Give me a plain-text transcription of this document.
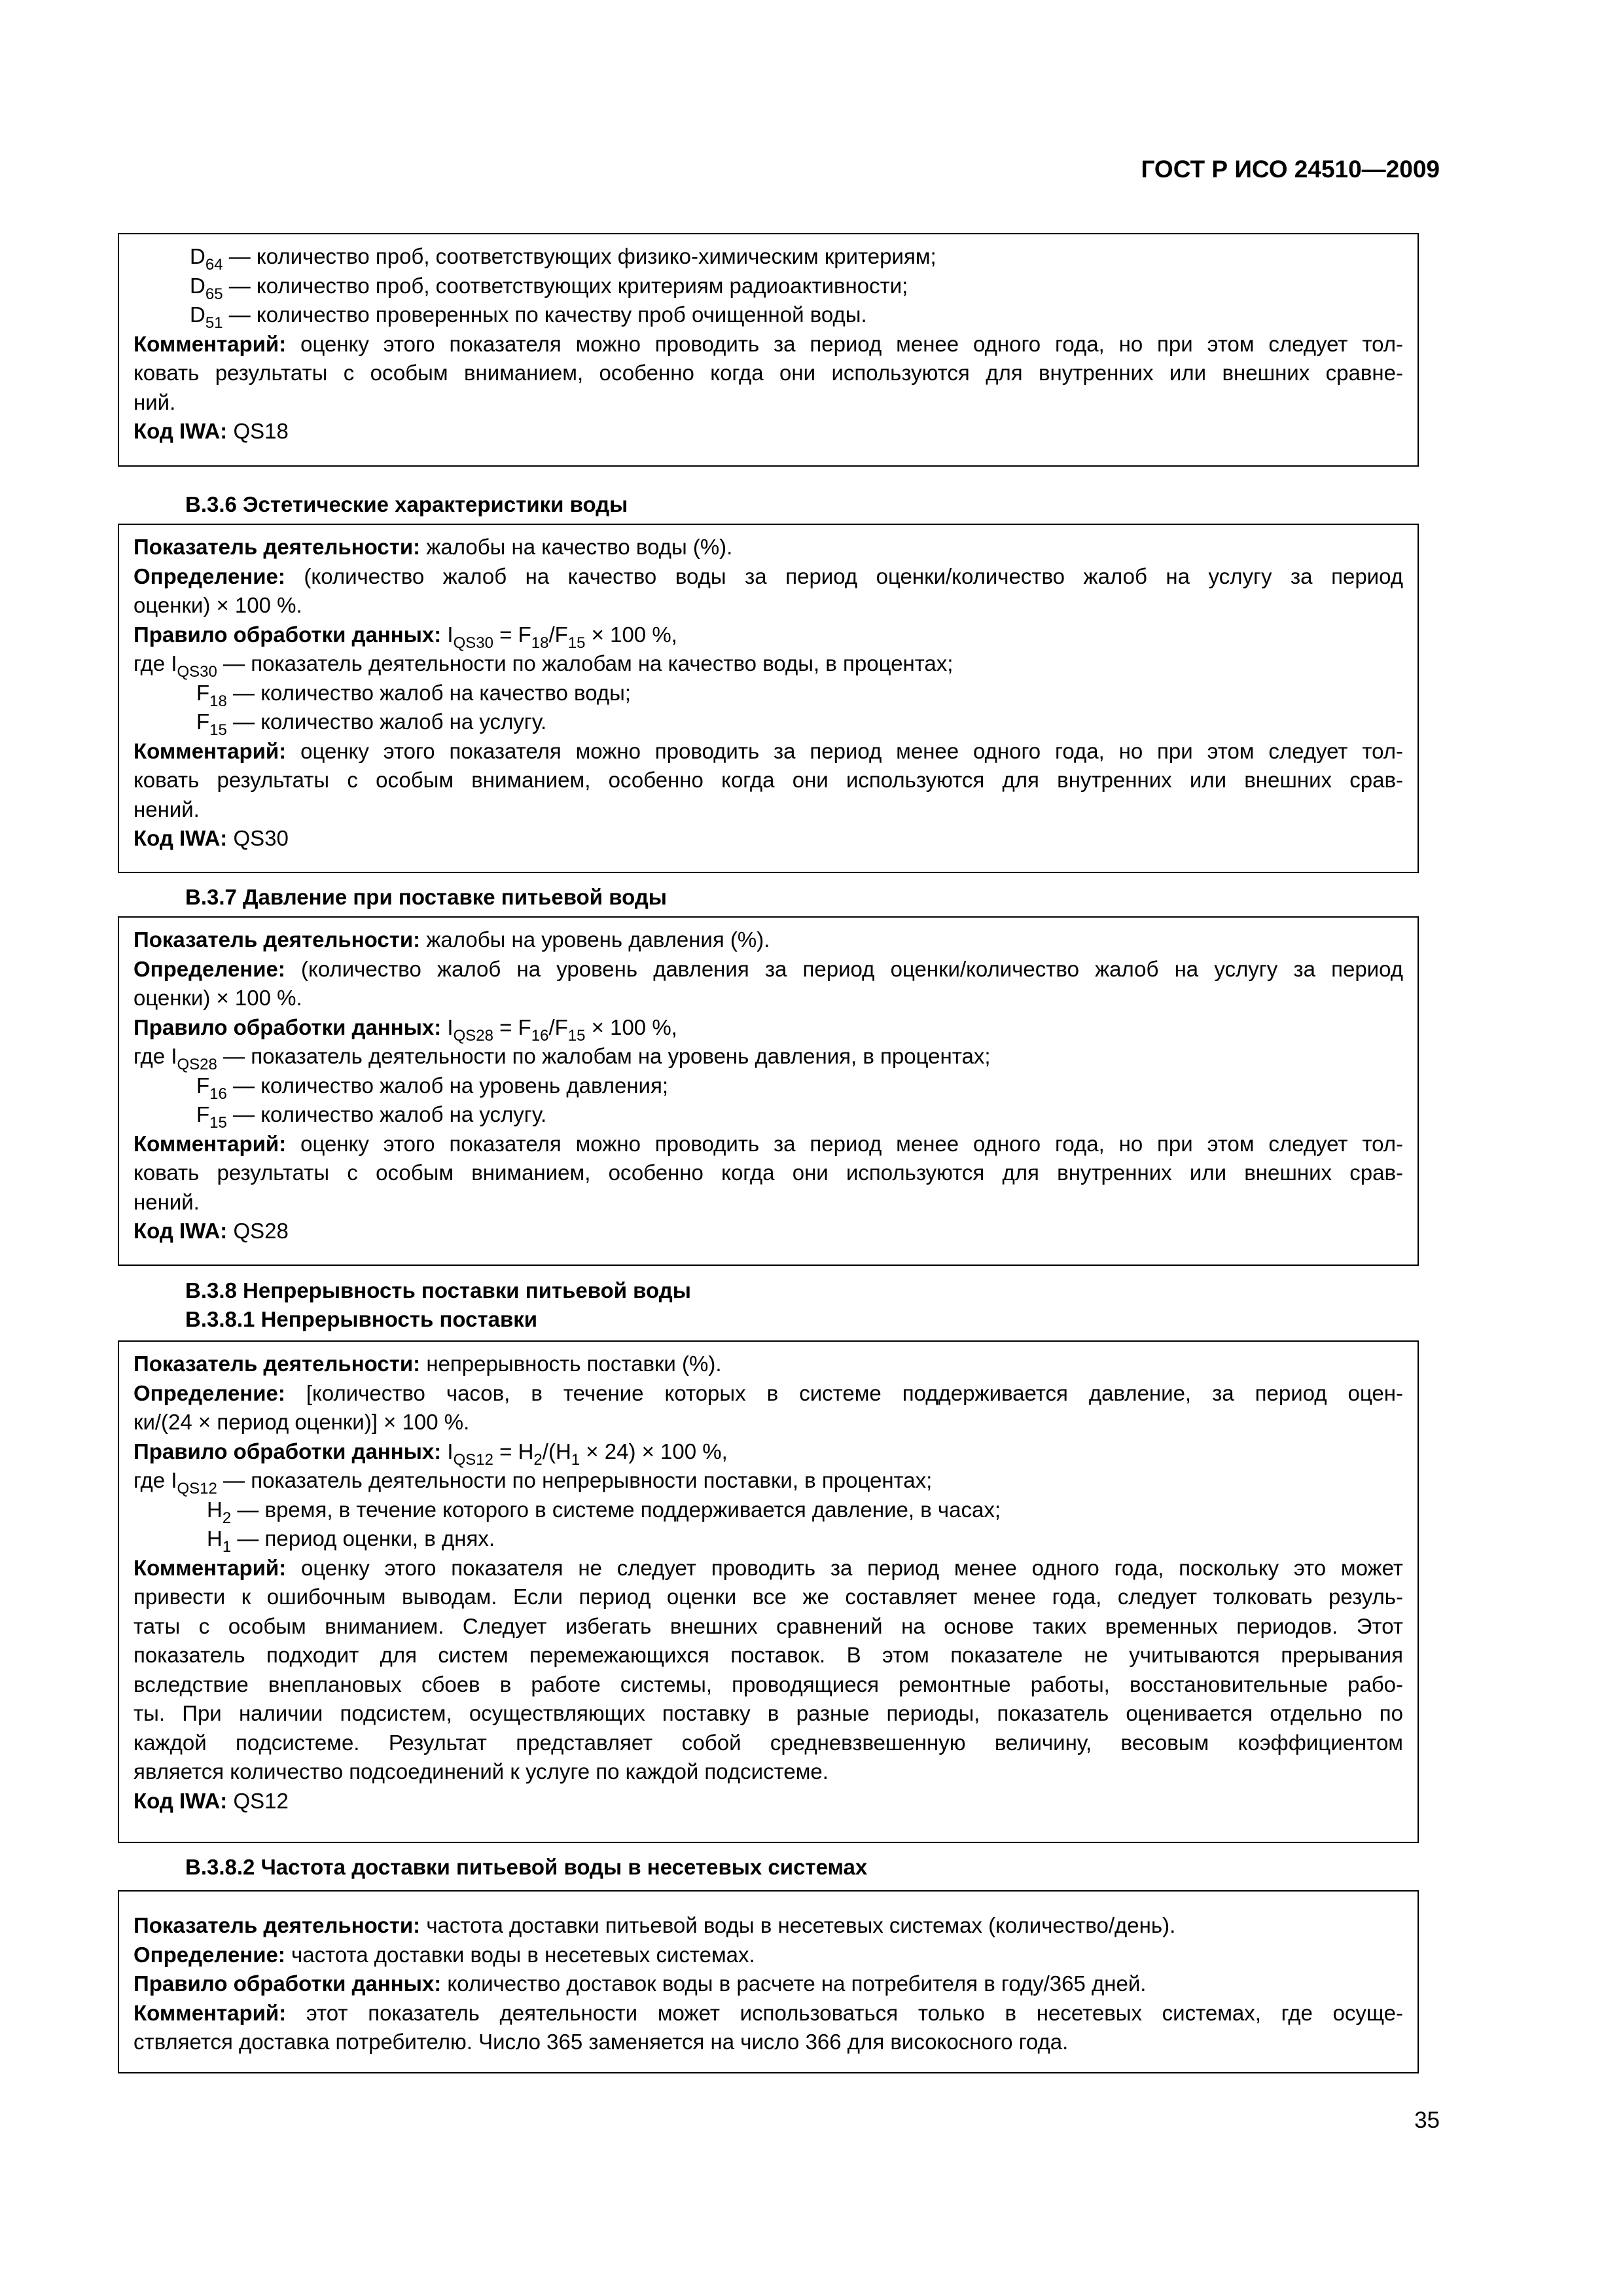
ГОСТ Р ИСО 24510—2009
$D_{64}$ — количество проб, соответствующих физико-химическим критериям;
$D_{65}$ — количество проб, соответствующих критериям радиоактивности;
$D_{51}$ — количество проверенных по качеству проб очищенной воды.
Комментарий: оценку этого показателя можно проводить за период менее одного года, но при этом следует тол-
ковать результаты с особым вниманием, особенно когда они используются для внутренних или внешних сравне-
ний.
Код IWA: QS18
B.3.6 Эстетические характеристики воды
Показатель деятельности: жалобы на качество воды (%).
Определение: (количество жалоб на качество воды за период оценки/количество жалоб на услугу за период
оценки) × 100 %.
Правило обработки данных: $I_{QS30} = F_{18}/F_{15} \times 100$ %,
где $I_{QS30}$ — показатель деятельности по жалобам на качество воды, в процентах;
$F_{18}$ — количество жалоб на качество воды;
$F_{15}$ — количество жалоб на услугу.
Комментарий: оценку этого показателя можно проводить за период менее одного года, но при этом следует тол-
ковать результаты с особым вниманием, особенно когда они используются для внутренних или внешних срав-
нений.
Код IWA: QS30
B.3.7 Давление при поставке питьевой воды
Показатель деятельности: жалобы на уровень давления (%).
Определение: (количество жалоб на уровень давления за период оценки/количество жалоб на услугу за период
оценки) × 100 %.
Правило обработки данных: $I_{QS28} = F_{16}/F_{15} \times 100$ %,
где $I_{QS28}$ — показатель деятельности по жалобам на уровень давления, в процентах;
$F_{16}$ — количество жалоб на уровень давления;
$F_{15}$ — количество жалоб на услугу.
Комментарий: оценку этого показателя можно проводить за период менее одного года, но при этом следует тол-
ковать результаты с особым вниманием, особенно когда они используются для внутренних или внешних срав-
нений.
Код IWA: QS28
B.3.8 Непрерывность поставки питьевой воды
B.3.8.1 Непрерывность поставки
Показатель деятельности: непрерывность поставки (%).
Определение: [количество часов, в течение которых в системе поддерживается давление, за период оцен-
ки/(24 × период оценки)] × 100 %.
Правило обработки данных: $I_{QS12} = H_2/(H_1 \times 24) \times 100$ %,
где $I_{QS12}$ — показатель деятельности по непрерывности поставки, в процентах;
$H_2$ — время, в течение которого в системе поддерживается давление, в часах;
$H_1$ — период оценки, в днях.
Комментарий: оценку этого показателя не следует проводить за период менее одного года, поскольку это может
привести к ошибочным выводам. Если период оценки все же составляет менее года, следует толковать резуль-
таты с особым вниманием. Следует избегать внешних сравнений на основе таких временных периодов. Этот
показатель подходит для систем перемежающихся поставок. В этом показателе не учитываются прерывания
вследствие внеплановых сбоев в работе системы, проводящиеся ремонтные работы, восстановительные рабо-
ты. При наличии подсистем, осуществляющих поставку в разные периоды, показатель оценивается отдельно по
каждой подсистеме. Результат представляет собой средневзвешенную величину, весовым коэффициентом
является количество подсоединений к услуге по каждой подсистеме.
Код IWA: QS12
B.3.8.2 Частота доставки питьевой воды в несетевых системах
Показатель деятельности: частота доставки питьевой воды в несетевых системах (количество/день).
Определение: частота доставки воды в несетевых системах.
Правило обработки данных: количество доставок воды в расчете на потребителя в году/365 дней.
Комментарий: этот показатель деятельности может использоваться только в несетевых системах, где осуще-
ствляется доставка потребителю. Число 365 заменяется на число 366 для високосного года.
35
